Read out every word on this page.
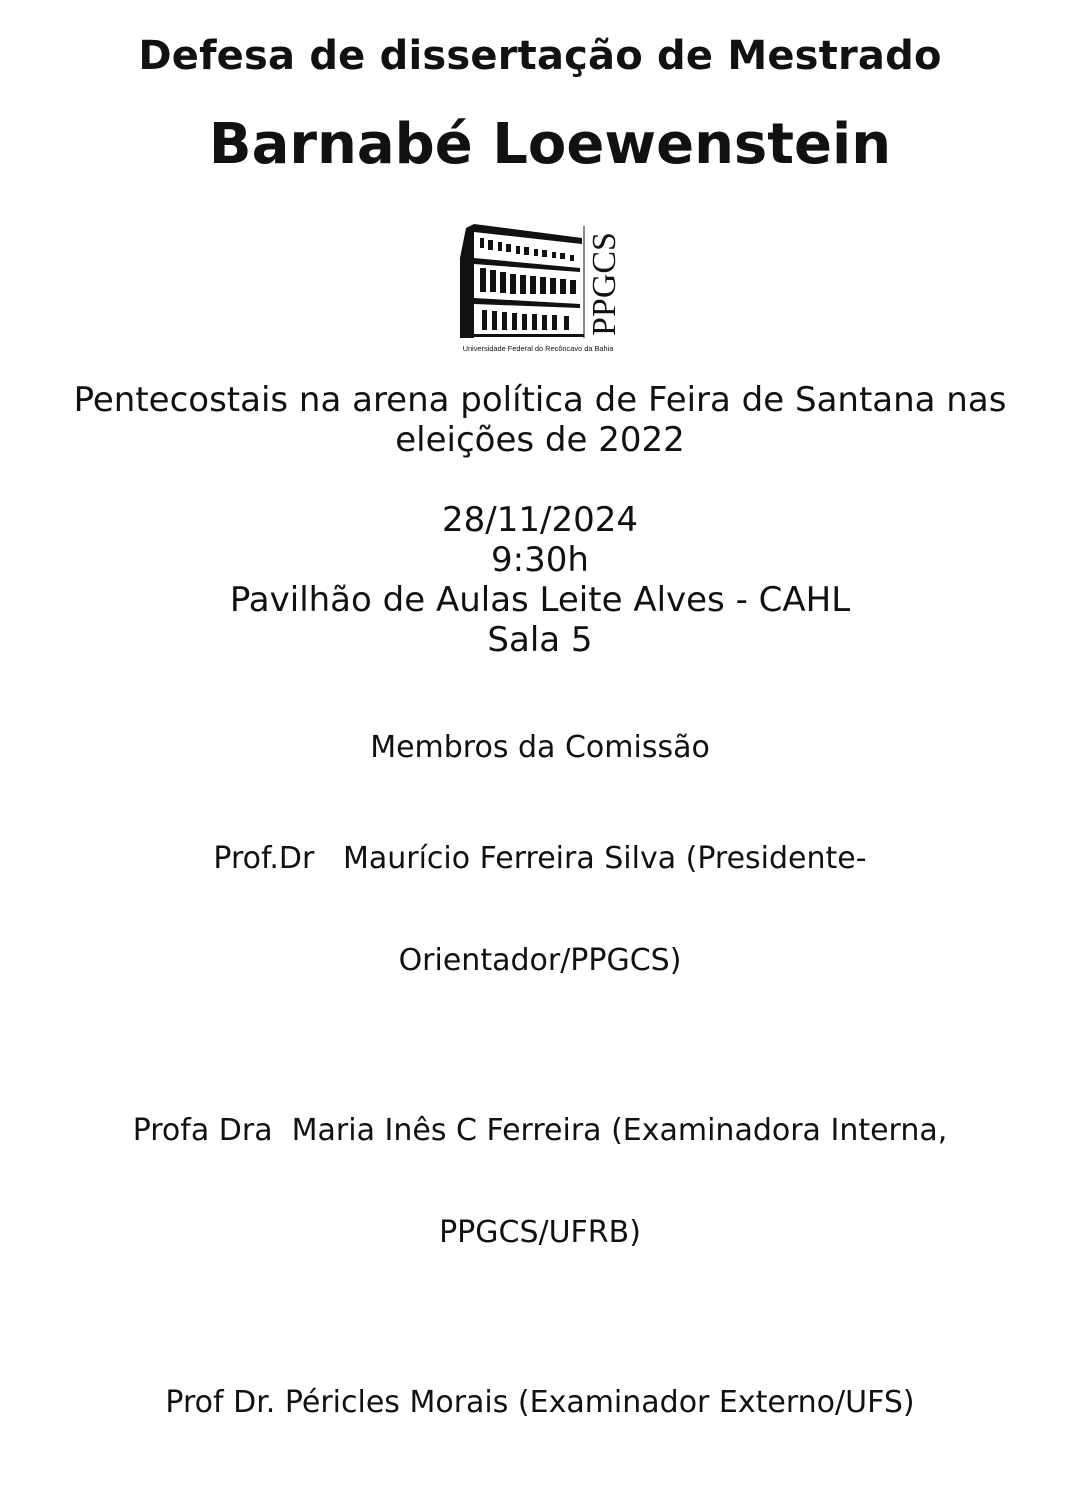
Defesa de dissertação de Mestrado
Barnabé Loewenstein
PPGCS
Universidade Federal do Recôncavo da Bahia
Pentecostais na arena política de Feira de Santana nas
eleições de 2022
28/11/2024
9:30h
Pavilhão de Aulas Leite Alves - CAHL
Sala 5
Membros da Comissão

Prof.Dr   Maurício Ferreira Silva (Presidente-

Orientador/PPGCS)

Profa Dra  Maria Inês C Ferreira (Examinadora Interna,

PPGCS/UFRB)

Prof Dr. Péricles Morais (Examinador Externo/UFS)
